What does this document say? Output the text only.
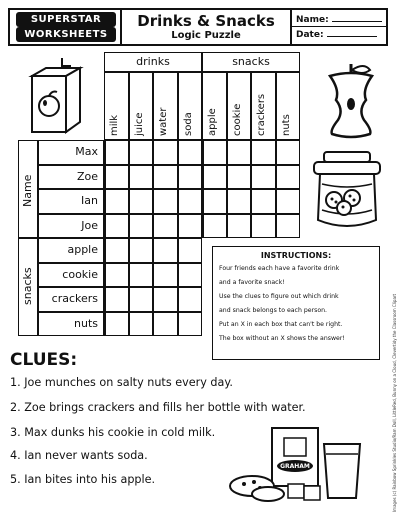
SUPERSTAR
WORKSHEETS
Drinks & Snacks
Logic Puzzle
Name:
Date:
drinks	snacks
milk juice water soda apple cookie crackers nuts
Name
Max
Zoe
Ian
Joe
snacks
apple
cookie
crackers
nuts
INSTRUCTIONS:
Four friends each have a favorite drink
and a favorite snack!
Use the clues to figure out which drink
and snack belongs to each person.
Put an X in each box that can't be right.
The box without an X shows the answer!
CLUES:
1. Joe munches on salty nuts every day.
2. Zoe brings crackers and fills her bottle with water.
3. Max dunks his cookie in cold milk.
4. Ian never wants soda.
5. Ian bites into his apple.
GRAHAM	Images (c) Rainbow Sprinkles Studio/Ram Doll, LittleRed, Bunny on a Cloud, Clevertidy the Classroom Clipart
